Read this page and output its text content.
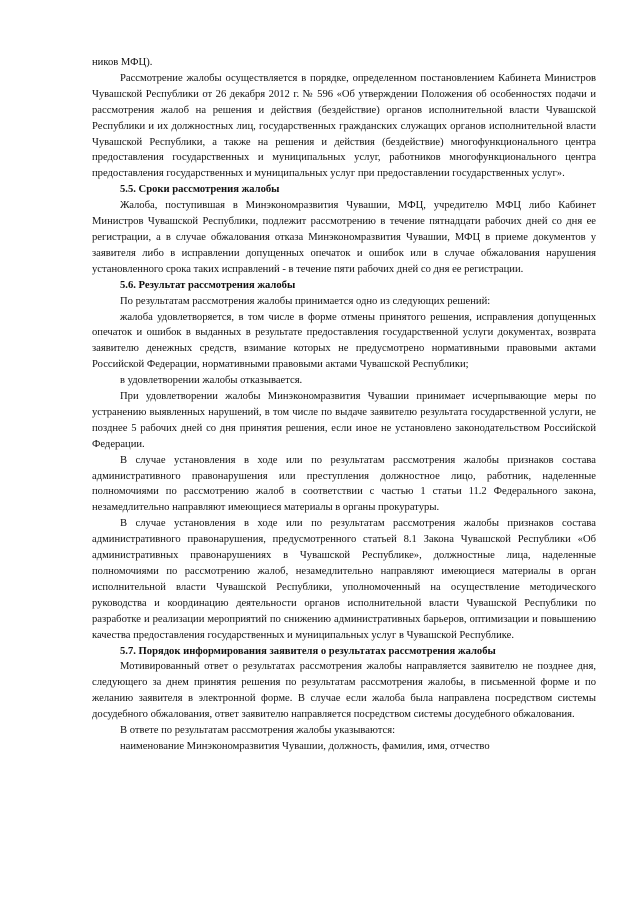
ников МФЦ).

Рассмотрение жалобы осуществляется в порядке, определенном постановлением Кабинета Министров Чувашской Республики от 26 декабря 2012 г. № 596 «Об утверждении Положения об особенностях подачи и рассмотрения жалоб на решения и действия (бездействие) органов исполнительной власти Чувашской Республики и их должностных лиц, государственных гражданских служащих органов исполнительной власти Чувашской Республики, а также на решения и действия (бездействие) многофункционального центра предоставления государственных и муниципальных услуг, работников многофункционального центра предоставления государственных и муниципальных услуг при предоставлении государственных услуг».

5.5. Сроки рассмотрения жалобы

Жалоба, поступившая в Минэкономразвития Чувашии, МФЦ, учредителю МФЦ либо Кабинет Министров Чувашской Республики, подлежит рассмотрению в течение пятнадцати рабочих дней со дня ее регистрации, а в случае обжалования отказа Минэкономразвития Чувашии, МФЦ в приеме документов у заявителя либо в исправлении допущенных опечаток и ошибок или в случае обжалования нарушения установленного срока таких исправлений - в течение пяти рабочих дней со дня ее регистрации.

5.6. Результат рассмотрения жалобы

По результатам рассмотрения жалобы принимается одно из следующих решений:

жалоба удовлетворяется, в том числе в форме отмены принятого решения, исправления допущенных опечаток и ошибок в выданных в результате предоставления государственной услуги документах, возврата заявителю денежных средств, взимание которых не предусмотрено нормативными правовыми актами Российской Федерации, нормативными правовыми актами Чувашской Республики;

в удовлетворении жалобы отказывается.

При удовлетворении жалобы Минэкономразвития Чувашии принимает исчерпывающие меры по устранению выявленных нарушений, в том числе по выдаче заявителю результата государственной услуги, не позднее 5 рабочих дней со дня принятия решения, если иное не установлено законодательством Российской Федерации.

В случае установления в ходе или по результатам рассмотрения жалобы признаков состава административного правонарушения или преступления должностное лицо, работник, наделенные полномочиями по рассмотрению жалоб в соответствии с частью 1 статьи 11.2 Федерального закона, незамедлительно направляют имеющиеся материалы в органы прокуратуры.

В случае установления в ходе или по результатам рассмотрения жалобы признаков состава административного правонарушения, предусмотренного статьей 8.1 Закона Чувашской Республики «Об административных правонарушениях в Чувашской Республике», должностные лица, наделенные полномочиями по рассмотрению жалоб, незамедлительно направляют имеющиеся материалы в орган исполнительной власти Чувашской Республики, уполномоченный на осуществление методического руководства и координацию деятельности органов исполнительной власти Чувашской Республики по разработке и реализации мероприятий по снижению административных барьеров, оптимизации и повышению качества предоставления государственных и муниципальных услуг в Чувашской Республике.

5.7. Порядок информирования заявителя о результатах рассмотрения жалобы

Мотивированный ответ о результатах рассмотрения жалобы направляется заявителю не позднее дня, следующего за днем принятия решения по результатам рассмотрения жалобы, в письменной форме и по желанию заявителя в электронной форме. В случае если жалоба была направлена посредством системы досудебного обжалования, ответ заявителю направляется посредством системы досудебного обжалования.

В ответе по результатам рассмотрения жалобы указываются:

наименование Минэкономразвития Чувашии, должность, фамилия, имя, отчество
